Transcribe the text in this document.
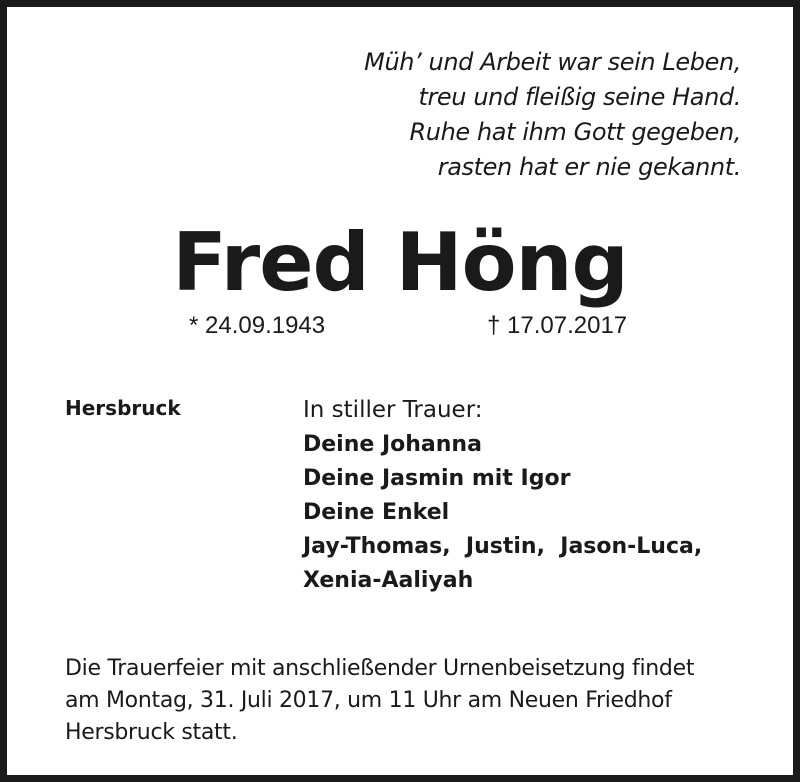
Müh’ und Arbeit war sein Leben,
treu und fleißig seine Hand.
Ruhe hat ihm Gott gegeben,
rasten hat er nie gekannt.
Fred Höng
* 24.09.1943	† 17.07.2017
Hersbruck	In stiller Trauer:
Deine Johanna
Deine Jasmin mit Igor
Deine Enkel
Jay-Thomas,  Justin,  Jason-Luca,
Xenia-Aaliyah
Die Trauerfeier mit anschließender Urnenbeisetzung findet
am Montag, 31. Juli 2017, um 11 Uhr am Neuen Friedhof
Hersbruck statt.
